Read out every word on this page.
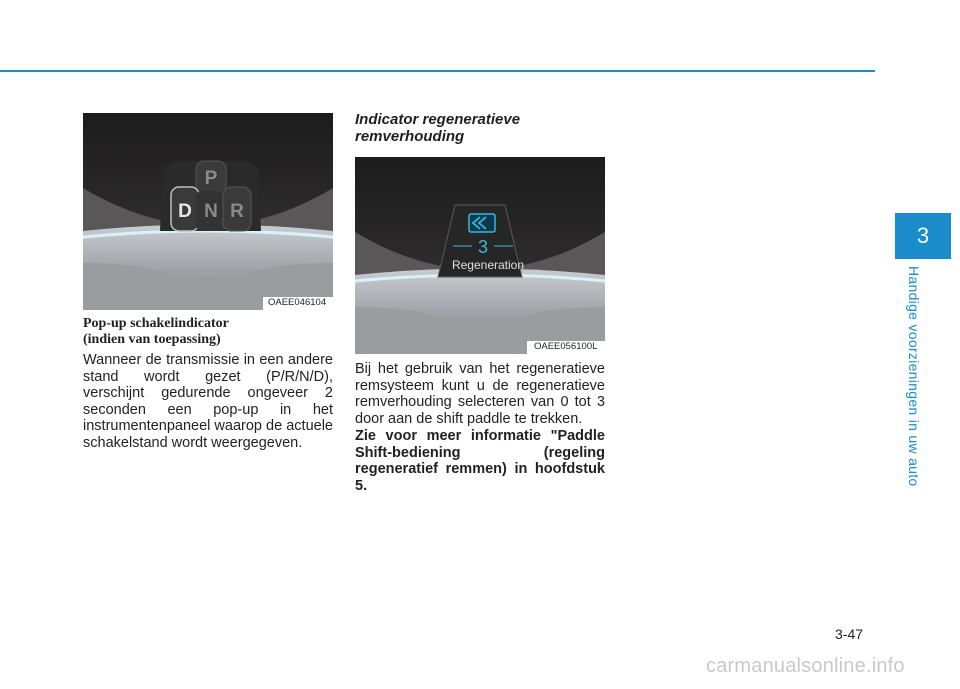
3
Handige voorzieningen in uw auto
P
D N R
OAEE046104
Pop-up schakelindicator
(indien van toepassing)

Wanneer de transmissie in een andere stand wordt gezet (P/R/N/D), verschijnt gedurende ongeveer 2 seconden een pop-up in het instrumentenpaneel waarop de actuele schakelstand wordt weergegeven.

Indicator regeneratieve
remverhouding
3
Regeneration
OAEE056100L

Bij het gebruik van het regeneratieve remsysteem kunt u de regeneratieve remverhouding selecteren van 0 tot 3 door aan de shift paddle te trekken.

Zie voor meer informatie "Paddle Shift-bediening (regeling regeneratief remmen) in hoofdstuk 5.

3-47
carmanualsonline.info
